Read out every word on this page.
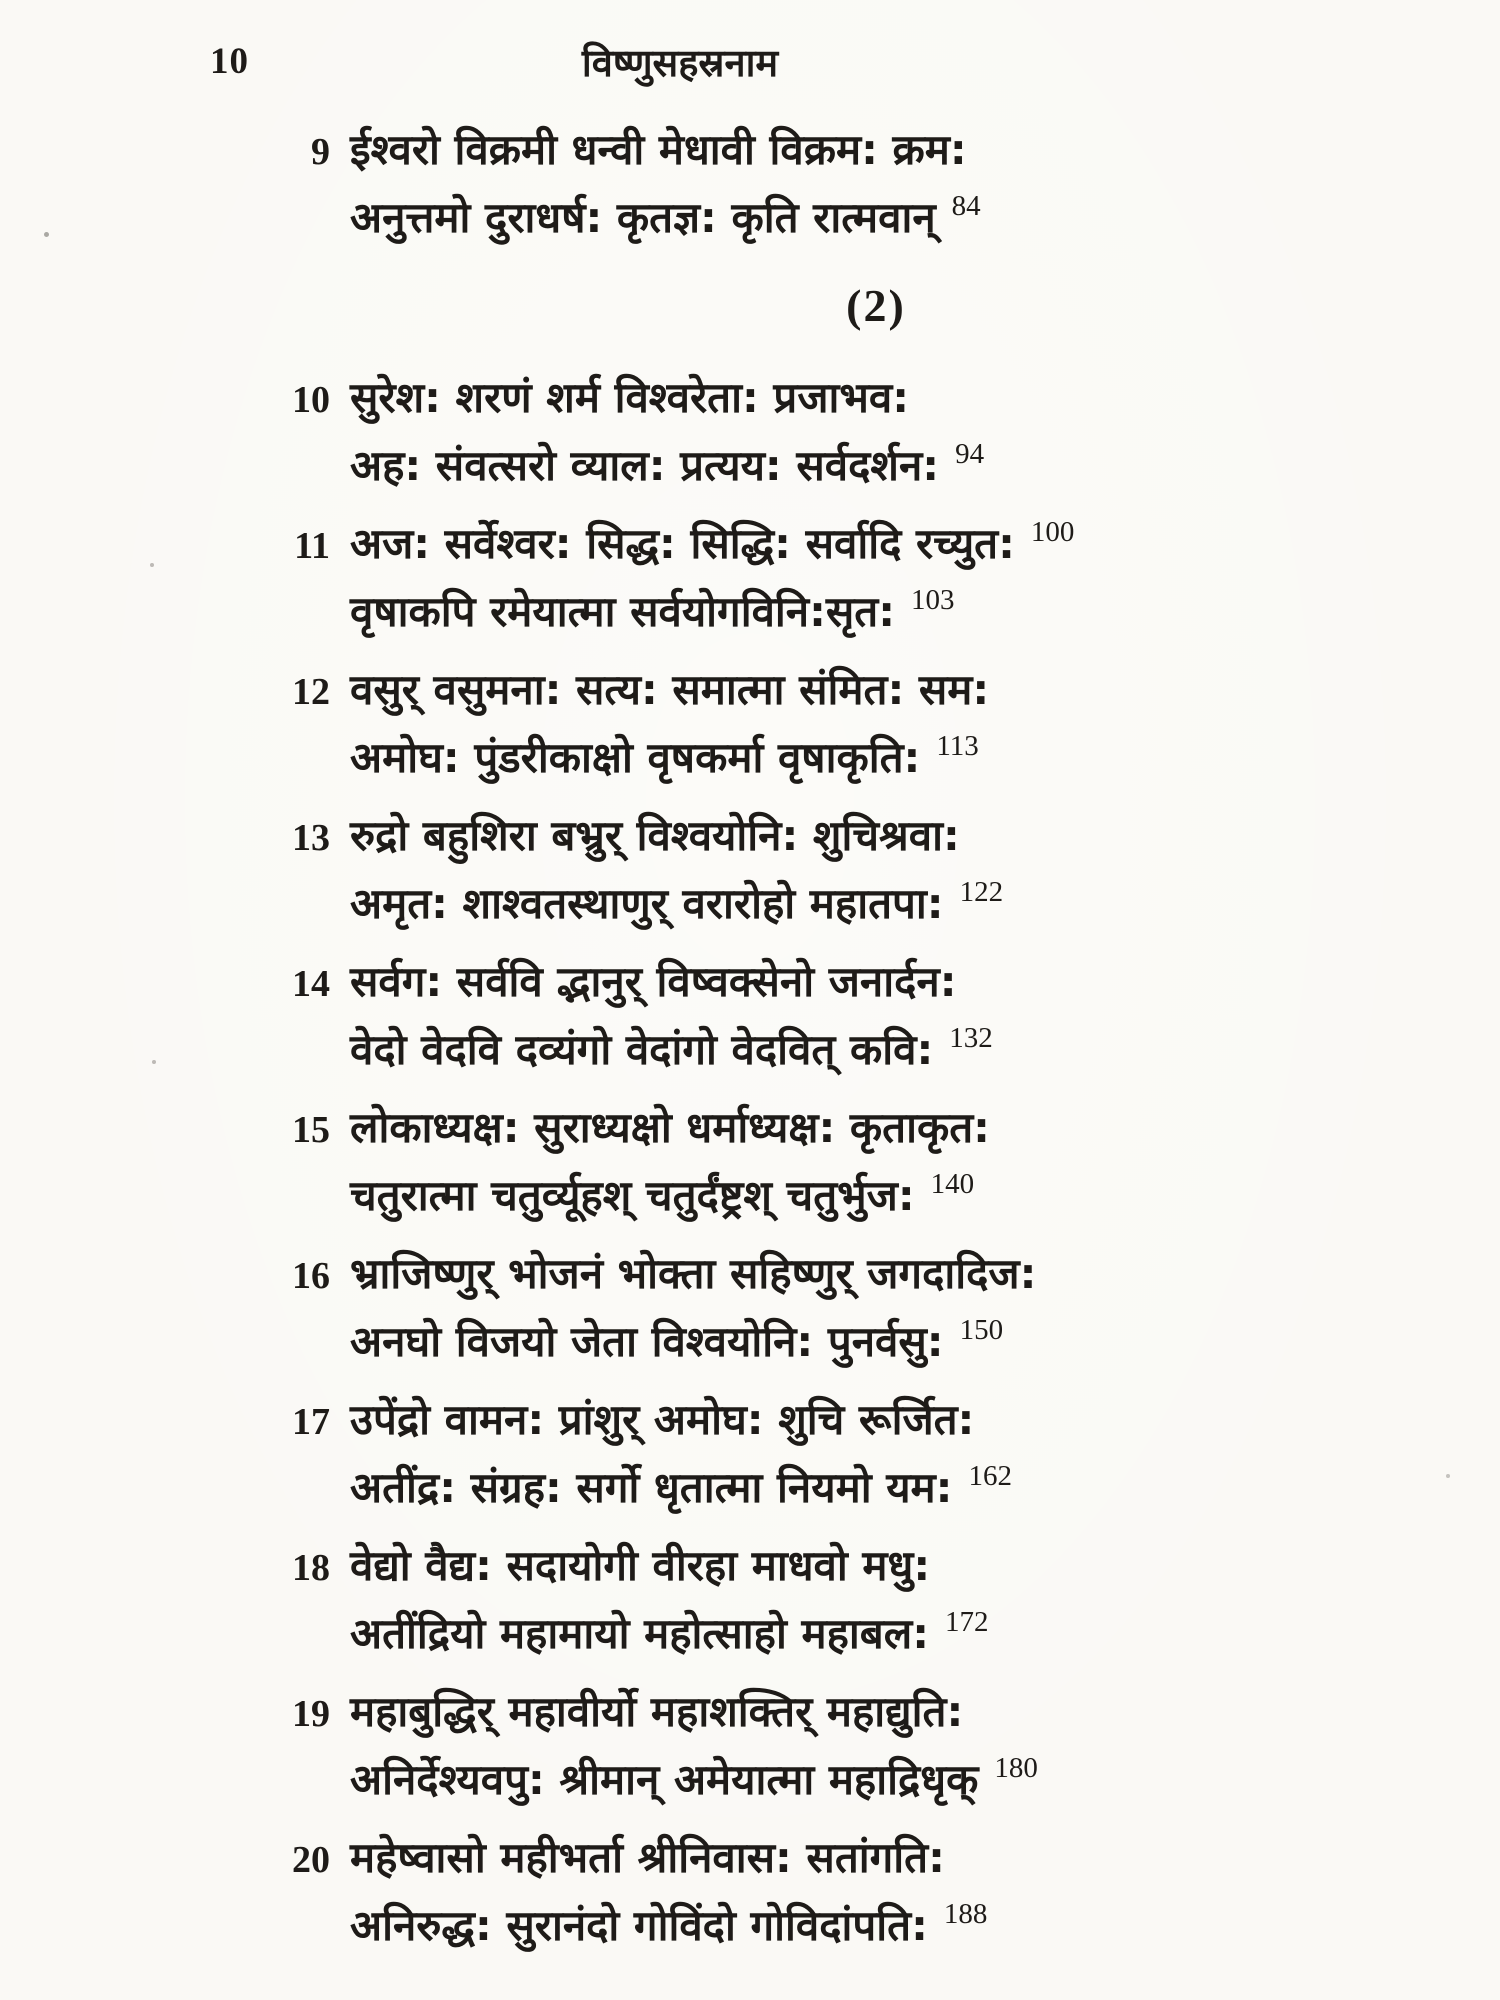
10	विष्णुसहस्रनाम
9 ईश्वरो विक्रमी धन्वी मेधावी विक्रम: क्रम:
अनुत्तमो दुराधर्ष: कृतज्ञ: कृति रात्मवान् 84
(2)
10 सुरेश: शरणं शर्म विश्वरेता: प्रजाभव:
अह: संवत्सरो व्याल: प्रत्यय: सर्वदर्शन: 94
11 अज: सर्वेश्वर: सिद्ध: सिद्धि: सर्वादि रच्युत: 100
वृषाकपि रमेयात्मा सर्वयोगविनि:सृत: 103
12 वसुर् वसुमना: सत्य: समात्मा संमित: सम:
अमोघ: पुंडरीकाक्षो वृषकर्मा वृषाकृति: 113
13 रुद्रो बहुशिरा बभ्रुर् विश्वयोनि: शुचिश्रवा:
अमृत: शाश्वतस्थाणुर् वरारोहो महातपा: 122
14 सर्वग: सर्ववि द्भानुर् विष्वक्सेनो जनार्दन:
वेदो वेदवि दव्यंगो वेदांगो वेदवित् कवि: 132
15 लोकाध्यक्ष: सुराध्यक्षो धर्माध्यक्ष: कृताकृत:
चतुरात्मा चतुर्व्यूहश् चतुर्दंष्ट्रश् चतुर्भुज: 140
16 भ्राजिष्णुर् भोजनं भोक्ता सहिष्णुर् जगदादिज:
अनघो विजयो जेता विश्वयोनि: पुनर्वसु: 150
17 उपेंद्रो वामन: प्रांशुर् अमोघ: शुचि रूर्जित:
अतींद्र: संग्रह: सर्गो धृतात्मा नियमो यम: 162
18 वेद्यो वैद्य: सदायोगी वीरहा माधवो मधु:
अतींद्रियो महामायो महोत्साहो महाबल: 172
19 महाबुद्धिर् महावीर्यो महाशक्तिर् महाद्युति:
अनिर्देश्यवपु: श्रीमान् अमेयात्मा महाद्रिधृक् 180
20 महेष्वासो महीभर्ता श्रीनिवास: सतांगति:
अनिरुद्ध: सुरानंदो गोविंदो गोविदांपति: 188
